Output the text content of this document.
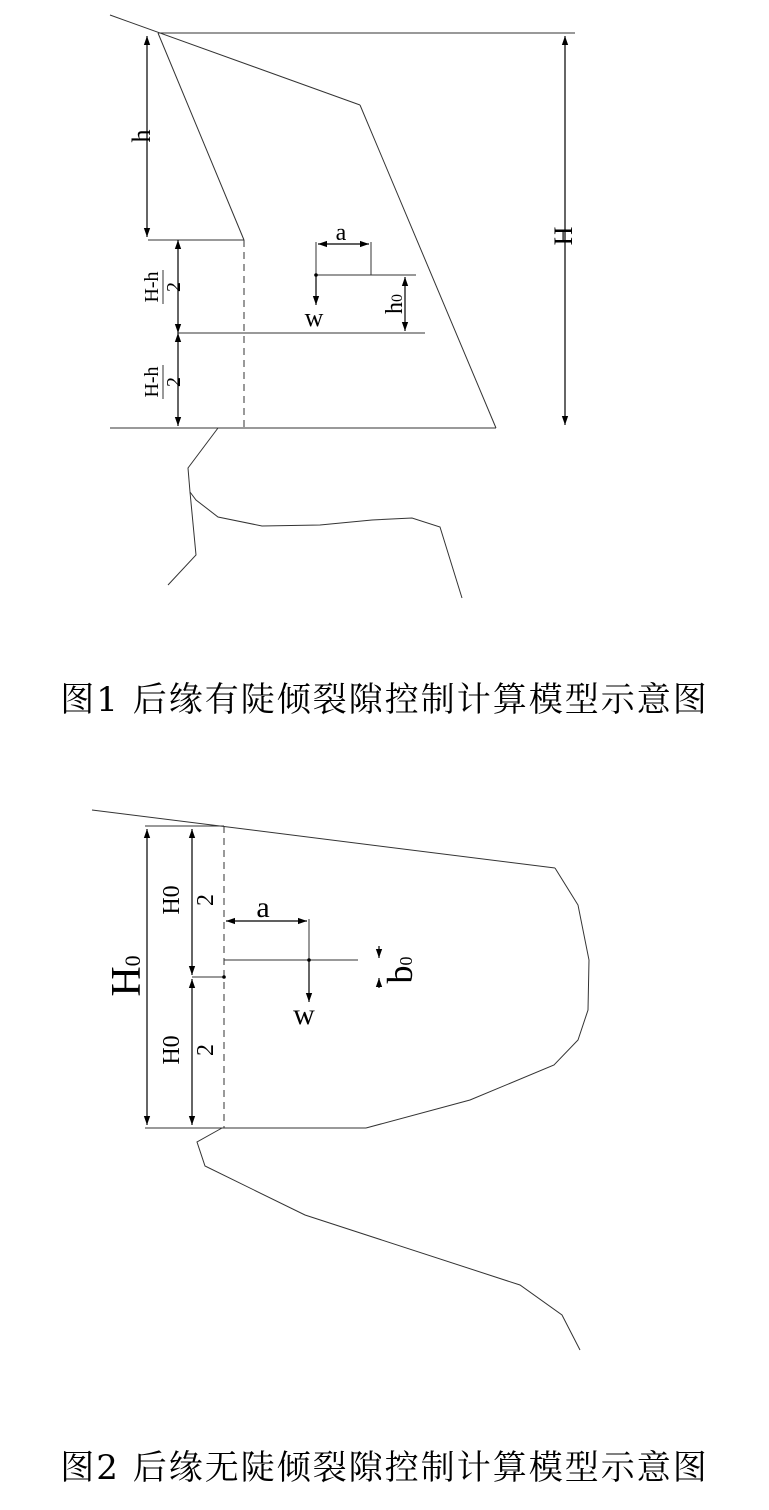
h
H
a
w h0
H-h 2
H-h 2
H0
a
w
b0
H0 2
H0 2
图1 后缘有陡倾裂隙控制计算模型示意图
图2 后缘无陡倾裂隙控制计算模型示意图
